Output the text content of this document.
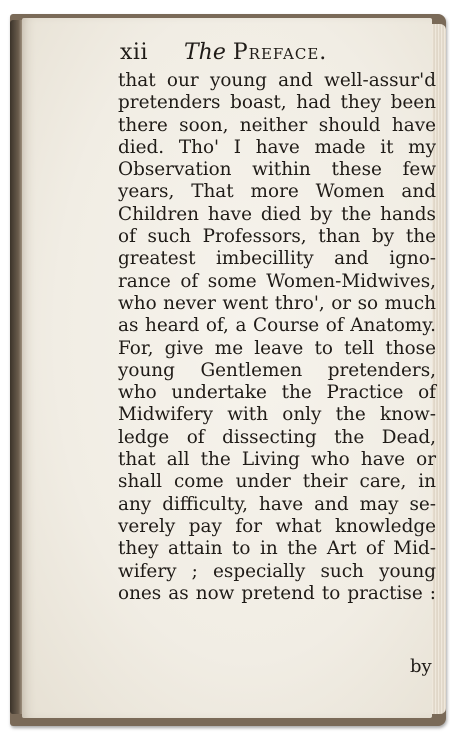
xii The Preface.
that our young and well-assur'd
pretenders boast, had they been
there soon, neither should have
died. Tho' I have made it my
Observation within these few
years, That more Women and
Children have died by the hands
of such Professors, than by the
greatest imbecillity and igno-
rance of some Women-Midwives,
who never went thro', or so much
as heard of, a Course of Anatomy.
For, give me leave to tell those
young Gentlemen pretenders,
who undertake the Practice of
Midwifery with only the know-
ledge of dissecting the Dead,
that all the Living who have or
shall come under their care, in
any difficulty, have and may se-
verely pay for what knowledge
they attain to in the Art of Mid-
wifery ; especially such young
ones as now pretend to practise :
by
